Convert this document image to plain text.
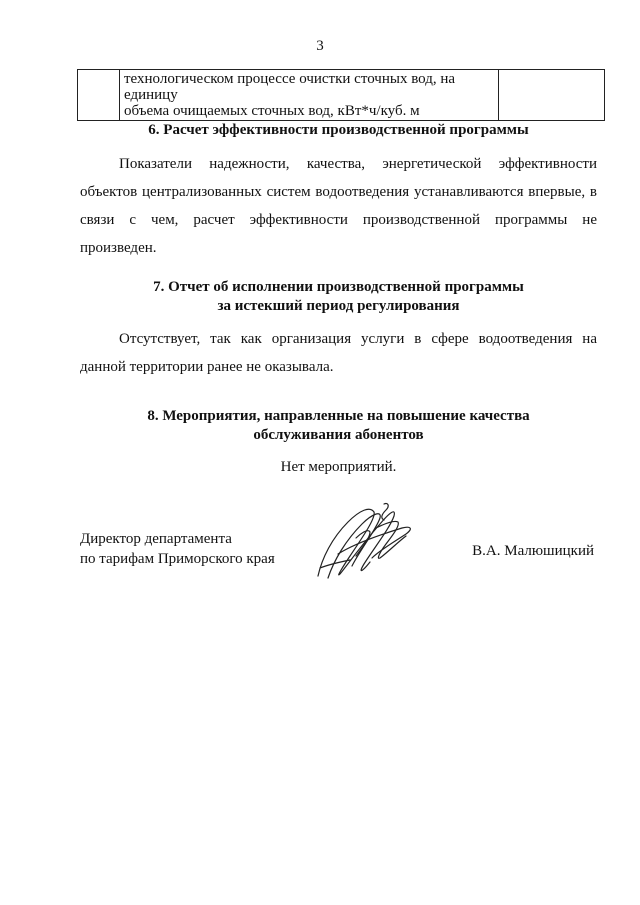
3
	технологическом процессе очистки сточных вод, на единицу
объема очищаемых сточных вод, кВт*ч/куб. м	
6. Расчет эффективности производственной программы
Показатели надежности, качества, энергетической эффективности объектов централизованных систем водоотведения устанавливаются впервые, в связи с чем, расчет эффективности производственной программы не произведен.
7. Отчет об исполнении производственной программы
за истекший период регулирования
Отсутствует, так как организация услуги в сфере водоотведения на данной территории ранее не оказывала.
8. Мероприятия, направленные на повышение качества
обслуживания абонентов
Нет мероприятий.
Директор департамента
по тарифам Приморского края	В.А. Малюшицкий
